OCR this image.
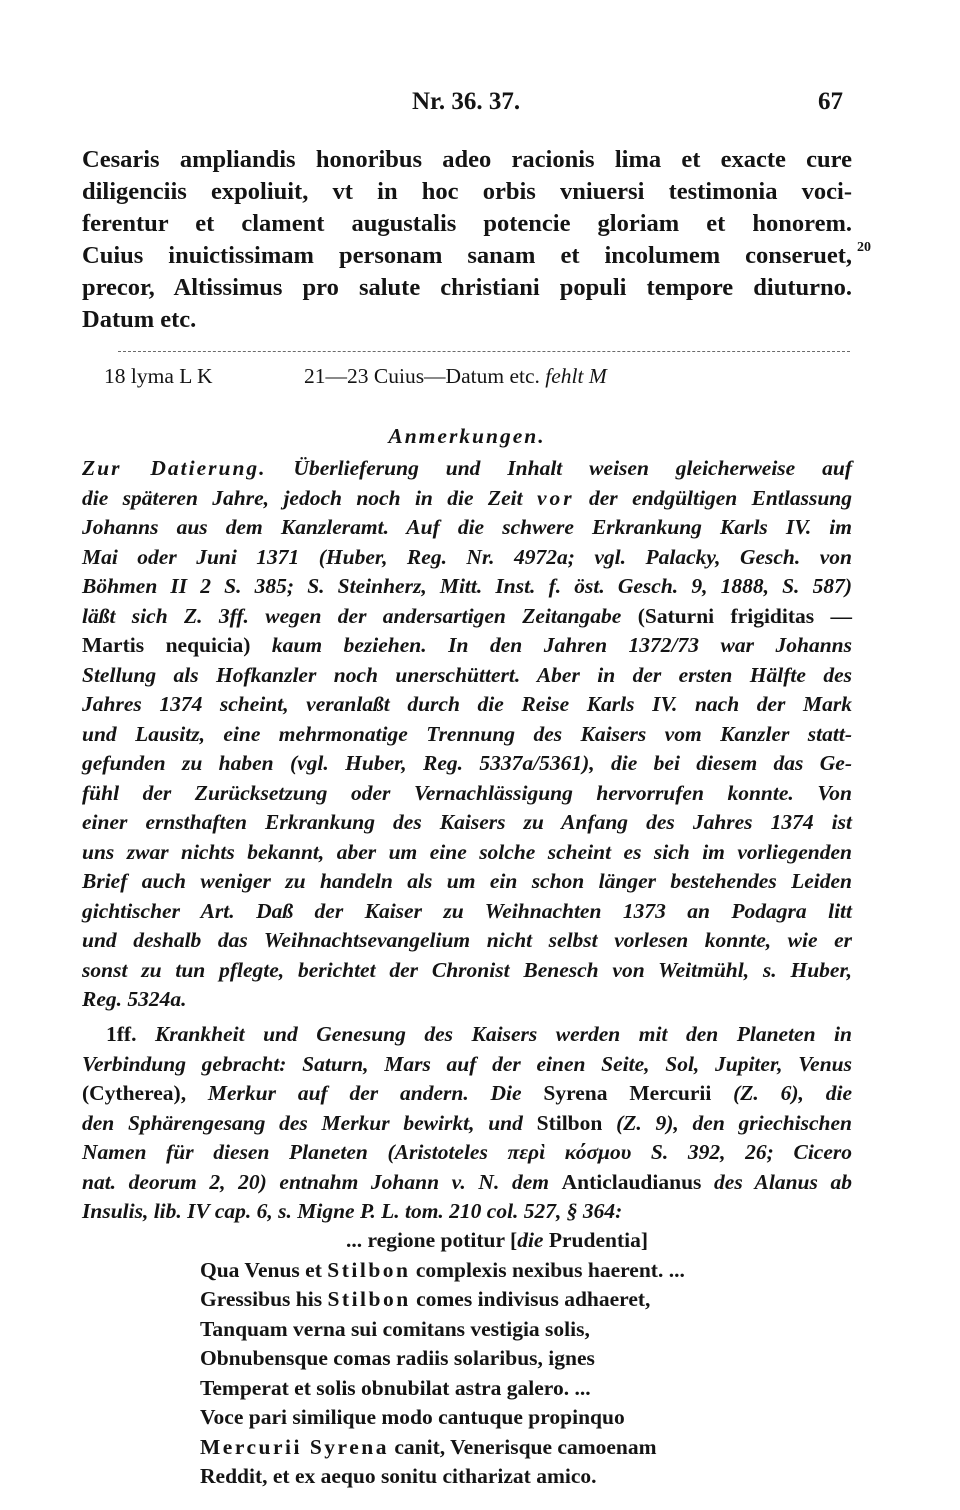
Nr. 36. 37.	67
Cesaris ampliandis honoribus adeo racionis lima et exacte cure
diligenciis expoliuit, vt in hoc orbis vniuersi testimonia voci-
ferentur et clament augustalis potencie gloriam et honorem.
Cuius inuictissimam personam sanam et incolumem conseruet,
precor, Altissimus pro salute christiani populi tempore diuturno.
Datum etc.
20
18 lyma L K	21—23 Cuius—Datum etc. fehlt M
Anmerkungen.
Zur Datierung. Überlieferung und Inhalt weisen gleicherweise auf
die späteren Jahre, jedoch noch in die Zeit vor der endgültigen Entlassung
Johanns aus dem Kanzleramt. Auf die schwere Erkrankung Karls IV. im
Mai oder Juni 1371 (Huber, Reg. Nr. 4972a; vgl. Palacky, Gesch. von
Böhmen II 2 S. 385; S. Steinherz, Mitt. Inst. f. öst. Gesch. 9, 1888, S. 587)
läßt sich Z. 3ff. wegen der andersartigen Zeitangabe (Saturni frigiditas —
Martis nequicia) kaum beziehen. In den Jahren 1372/73 war Johanns
Stellung als Hofkanzler noch unerschüttert. Aber in der ersten Hälfte des
Jahres 1374 scheint, veranlaßt durch die Reise Karls IV. nach der Mark
und Lausitz, eine mehrmonatige Trennung des Kaisers vom Kanzler statt-
gefunden zu haben (vgl. Huber, Reg. 5337a/5361), die bei diesem das Ge-
fühl der Zurücksetzung oder Vernachlässigung hervorrufen konnte. Von
einer ernsthaften Erkrankung des Kaisers zu Anfang des Jahres 1374 ist
uns zwar nichts bekannt, aber um eine solche scheint es sich im vorliegenden
Brief auch weniger zu handeln als um ein schon länger bestehendes Leiden
gichtischer Art. Daß der Kaiser zu Weihnachten 1373 an Podagra litt
und deshalb das Weihnachtsevangelium nicht selbst vorlesen konnte, wie er
sonst zu tun pflegte, berichtet der Chronist Benesch von Weitmühl, s. Huber,
Reg. 5324a.
1ff. Krankheit und Genesung des Kaisers werden mit den Planeten in
Verbindung gebracht: Saturn, Mars auf der einen Seite, Sol, Jupiter, Venus
(Cytherea), Merkur auf der andern. Die Syrena Mercurii (Z. 6), die
den Sphärengesang des Merkur bewirkt, und Stilbon (Z. 9), den griechischen
Namen für diesen Planeten (Aristoteles περὶ κόσμου S. 392, 26; Cicero
nat. deorum 2, 20) entnahm Johann v. N. dem Anticlaudianus des Alanus ab
Insulis, lib. IV cap. 6, s. Migne P. L. tom. 210 col. 527, § 364:
... regione potitur [die Prudentia]
Qua Venus et Stilbon complexis nexibus haerent. ...
Gressibus his Stilbon comes indivisus adhaeret,
Tanquam verna sui comitans vestigia solis,
Obnubensque comas radiis solaribus, ignes
Temperat et solis obnubilat astra galero. ...
Voce pari similique modo cantuque propinquo
Mercurii Syrena canit, Venerisque camoenam
Reddit, et ex aequo sonitu citharizat amico.
